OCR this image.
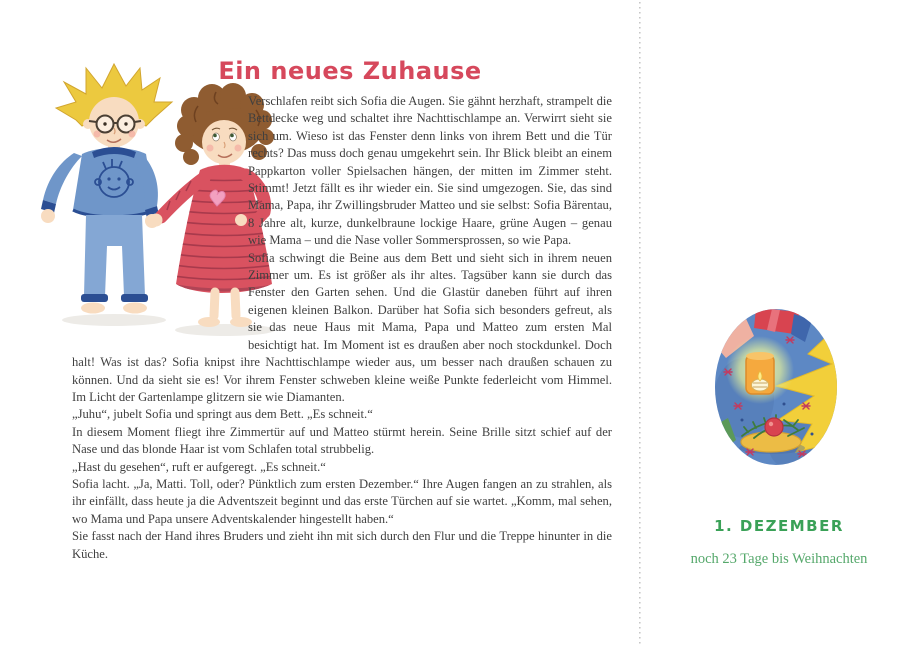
Ein neues Zuhause

Verschlafen reibt sich Sofia die Augen. Sie gähnt herzhaft, strampelt die Bettdecke weg und schaltet ihre Nachttischlampe an. Verwirrt sieht sie sich um. Wieso ist das Fenster denn links von ihrem Bett und die Tür rechts? Das muss doch genau umgekehrt sein. Ihr Blick bleibt an einem Pappkarton voller Spielsachen hängen, der mitten im Zimmer steht. Stimmt! Jetzt fällt es ihr wieder ein. Sie sind umgezogen. Sie, das sind Mama, Papa, ihr Zwillingsbruder Matteo und sie selbst: Sofia Bärentau, 8 Jahre alt, kurze, dunkelbraune lockige Haare, grüne Augen – genau wie Mama – und die Nase voller Sommersprossen, so wie Papa.

Sofia schwingt die Beine aus dem Bett und sieht sich in ihrem neuen Zimmer um. Es ist größer als ihr altes. Tagsüber kann sie durch das Fenster den Garten sehen. Und die Glastür daneben führt auf ihren eigenen kleinen Balkon. Darüber hat Sofia sich besonders gefreut, als sie das neue Haus mit Mama, Papa und Matteo zum ersten Mal besichtigt hat. Im Moment ist es draußen aber noch stockdunkel. Doch halt! Was ist das? Sofia knipst ihre Nachttischlampe wieder aus, um besser nach draußen schauen zu können. Und da sieht sie es! Vor ihrem Fenster schweben kleine weiße Punkte federleicht vom Himmel. Im Licht der Gartenlampe glitzern sie wie Diamanten.

„Juhu“, jubelt Sofia und springt aus dem Bett. „Es schneit.“

In diesem Moment fliegt ihre Zimmertür auf und Matteo stürmt herein. Seine Brille sitzt schief auf der Nase und das blonde Haar ist vom Schlafen total strubbelig.

„Hast du gesehen“, ruft er aufgeregt. „Es schneit.“

Sofia lacht. „Ja, Matti. Toll, oder? Pünktlich zum ersten Dezember.“ Ihre Augen fangen an zu strahlen, als ihr einfällt, dass heute ja die Adventszeit beginnt und das erste Türchen auf sie wartet. „Komm, mal sehen, wo Mama und Papa unsere Adventskalender hingestellt haben.“

Sie fasst nach der Hand ihres Bruders und zieht ihn mit sich durch den Flur und die Treppe hinunter in die Küche.

1. DEZEMBER
noch 23 Tage bis Weihnachten
